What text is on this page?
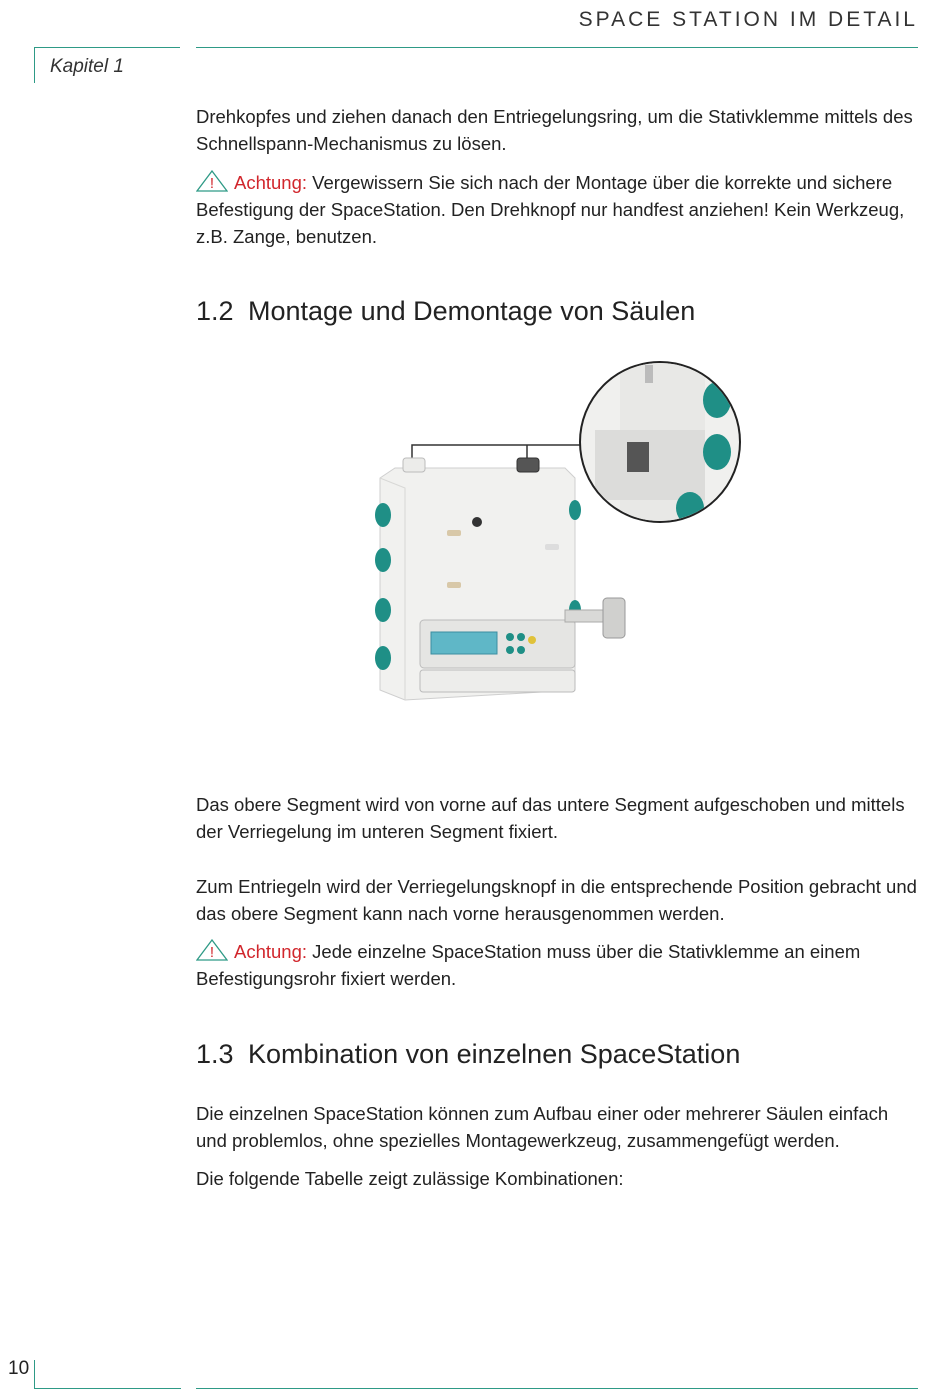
SPACE STATION IM DETAIL
Kapitel 1

Drehkopfes und ziehen danach den Entriegelungsring, um die Stativklemme mittels des Schnellspann-Mechanismus zu lösen.

! Achtung: Vergewissern Sie sich nach der Montage über die korrekte und sichere Befestigung der SpaceStation. Den Drehknopf nur handfest anziehen! Kein Werkzeug, z.B. Zange, benutzen.

1.2 Montage und Demontage von Säulen

Das obere Segment wird von vorne auf das untere Segment aufgeschoben und mittels der Verriegelung im unteren Segment fixiert.

Zum Entriegeln wird der Verriegelungsknopf in die entsprechende Position gebracht und das obere Segment kann nach vorne herausgenommen werden.

! Achtung: Jede einzelne SpaceStation muss über die Stativklemme an einem Befestigungsrohr fixiert werden.

1.3 Kombination von einzelnen SpaceStation

Die einzelnen SpaceStation können zum Aufbau einer oder mehrerer Säulen einfach und problemlos, ohne spezielles Montagewerkzeug, zusammengefügt werden.

Die folgende Tabelle zeigt zulässige Kombinationen:

10
